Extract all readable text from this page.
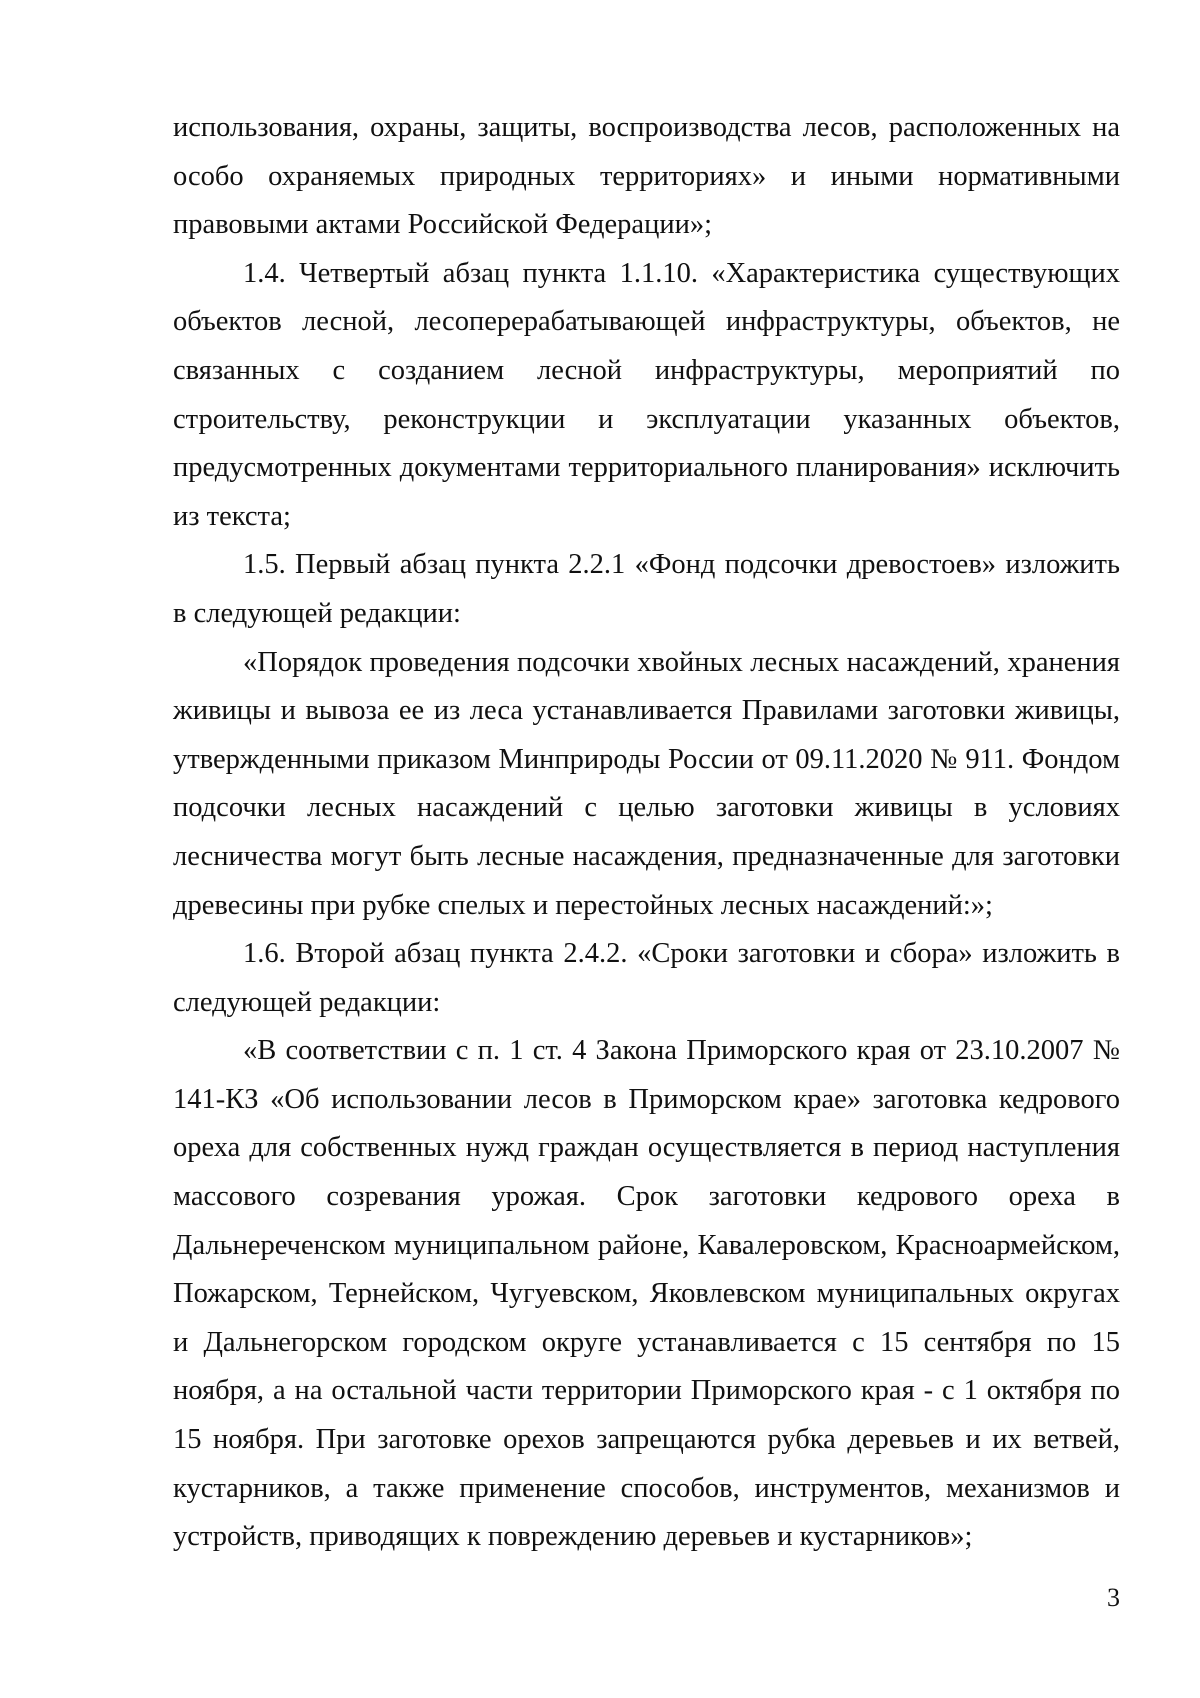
использования, охраны, защиты, воспроизводства лесов, расположенных на особо охраняемых природных территориях» и иными нормативными правовыми актами Российской Федерации»;

1.4. Четвертый абзац пункта 1.1.10. «Характеристика существующих объектов лесной, лесоперерабатывающей инфраструктуры, объектов, не связанных с созданием лесной инфраструктуры, мероприятий по строительству, реконструкции и эксплуатации указанных объектов, предусмотренных документами территориального планирования» исключить из текста;

1.5. Первый абзац пункта 2.2.1 «Фонд подсочки древостоев» изложить в следующей редакции:

«Порядок проведения подсочки хвойных лесных насаждений, хранения живицы и вывоза ее из леса устанавливается Правилами заготовки живицы, утвержденными приказом Минприроды России от 09.11.2020 № 911. Фондом подсочки лесных насаждений с целью заготовки живицы в условиях лесничества могут быть лесные насаждения, предназначенные для заготовки древесины при рубке спелых и перестойных лесных насаждений:»;

1.6. Второй абзац пункта 2.4.2. «Сроки заготовки и сбора» изложить в следующей редакции:

«В соответствии с п. 1 ст. 4 Закона Приморского края от 23.10.2007 № 141-КЗ «Об использовании лесов в Приморском крае» заготовка кедрового ореха для собственных нужд граждан осуществляется в период наступления массового созревания урожая. Срок заготовки кедрового ореха в Дальнереченском муниципальном районе, Кавалеровском, Красноармейском, Пожарском, Тернейском, Чугуевском, Яковлевском муниципальных округах и Дальнегорском городском округе устанавливается с 15 сентября по 15 ноября, а на остальной части территории Приморского края - с 1 октября по 15 ноября. При заготовке орехов запрещаются рубка деревьев и их ветвей, кустарников, а также применение способов, инструментов, механизмов и устройств, приводящих к повреждению деревьев и кустарников»;

3
